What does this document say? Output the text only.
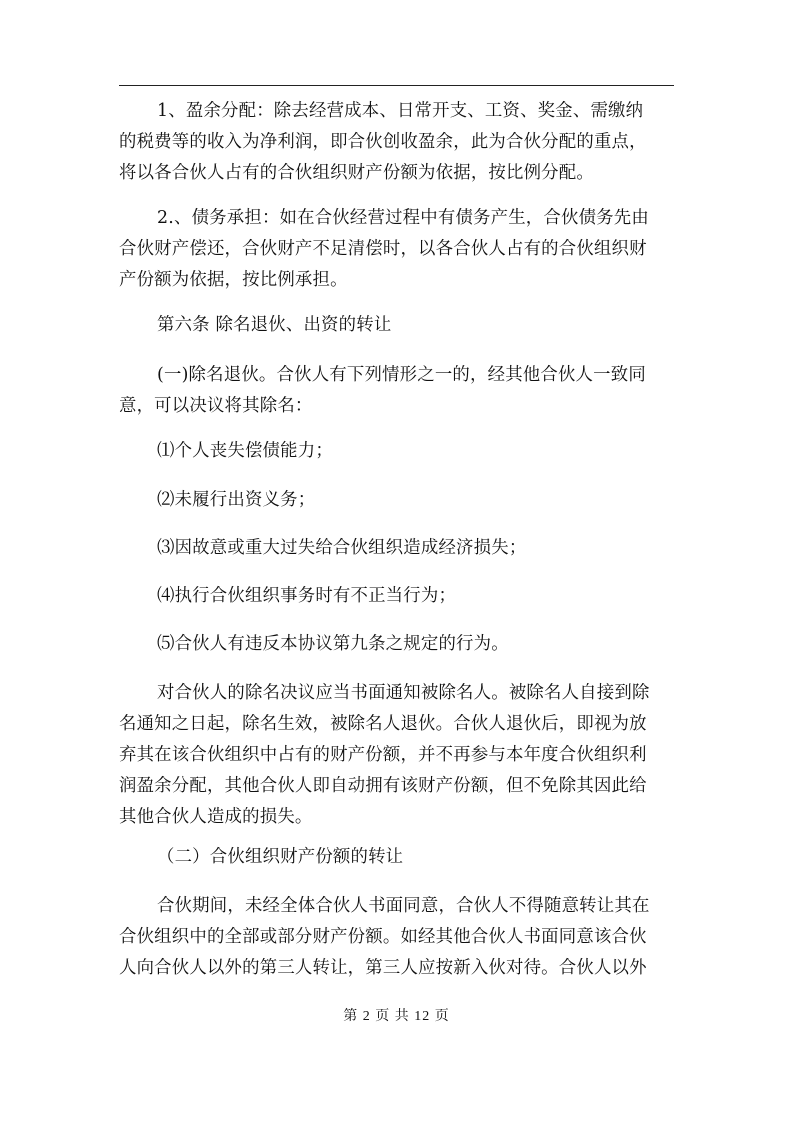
1、盈余分配：除去经营成本、日常开支、工资、奖金、需缴纳
的税费等的收入为净利润，即合伙创收盈余，此为合伙分配的重点，
将以各合伙人占有的合伙组织财产份额为依据，按比例分配。

2.、债务承担：如在合伙经营过程中有债务产生，合伙债务先由
合伙财产偿还，合伙财产不足清偿时，以各合伙人占有的合伙组织财
产份额为依据，按比例承担。

第六条 除名退伙、出资的转让

(一)除名退伙。合伙人有下列情形之一的，经其他合伙人一致同
意，可以决议将其除名：

⑴个人丧失偿债能力；

⑵未履行出资义务；

⑶因故意或重大过失给合伙组织造成经济损失；

⑷执行合伙组织事务时有不正当行为；

⑸合伙人有违反本协议第九条之规定的行为。

对合伙人的除名决议应当书面通知被除名人。被除名人自接到除
名通知之日起，除名生效，被除名人退伙。合伙人退伙后，即视为放
弃其在该合伙组织中占有的财产份额，并不再参与本年度合伙组织利
润盈余分配，其他合伙人即自动拥有该财产份额，但不免除其因此给
其他合伙人造成的损失。

（二）合伙组织财产份额的转让

合伙期间，未经全体合伙人书面同意，合伙人不得随意转让其在
合伙组织中的全部或部分财产份额。如经其他合伙人书面同意该合伙
人向合伙人以外的第三人转让，第三人应按新入伙对待。合伙人以外

第 2 页 共 12 页
